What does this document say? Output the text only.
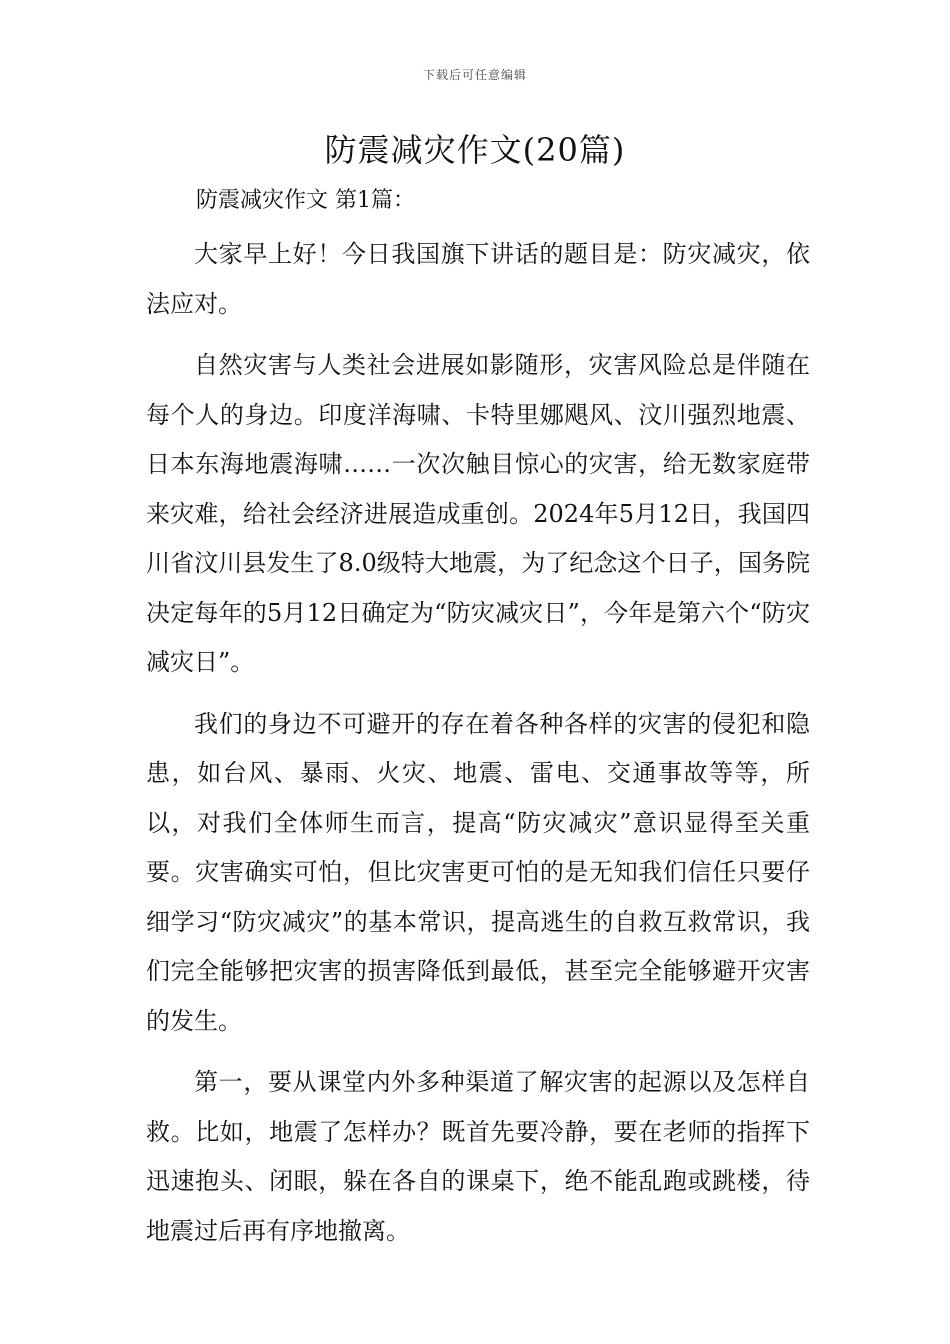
下载后可任意编辑
防震减灾作文(20篇)
防震减灾作文 第1篇：

大家早上好！今日我国旗下讲话的题目是：防灾减灾，依法应对。

自然灾害与人类社会进展如影随形，灾害风险总是伴随在每个人的身边。印度洋海啸、卡特里娜飓风、汶川强烈地震、日本东海地震海啸……一次次触目惊心的灾害，给无数家庭带来灾难，给社会经济进展造成重创。2024年5月12日，我国四川省汶川县发生了8.0级特大地震，为了纪念这个日子，国务院决定每年的5月12日确定为“防灾减灾日”，今年是第六个“防灾减灾日”。

我们的身边不可避开的存在着各种各样的灾害的侵犯和隐患，如台风、暴雨、火灾、地震、雷电、交通事故等等，所以，对我们全体师生而言，提高“防灾减灾”意识显得至关重要。灾害确实可怕，但比灾害更可怕的是无知我们信任只要仔细学习“防灾减灾”的基本常识，提高逃生的自救互救常识，我们完全能够把灾害的损害降低到最低，甚至完全能够避开灾害的发生。

第一，要从课堂内外多种渠道了解灾害的起源以及怎样自救。比如，地震了怎样办？既首先要冷静，要在老师的指挥下迅速抱头、闭眼，躲在各自的课桌下，绝不能乱跑或跳楼，待地震过后再有序地撤离。
